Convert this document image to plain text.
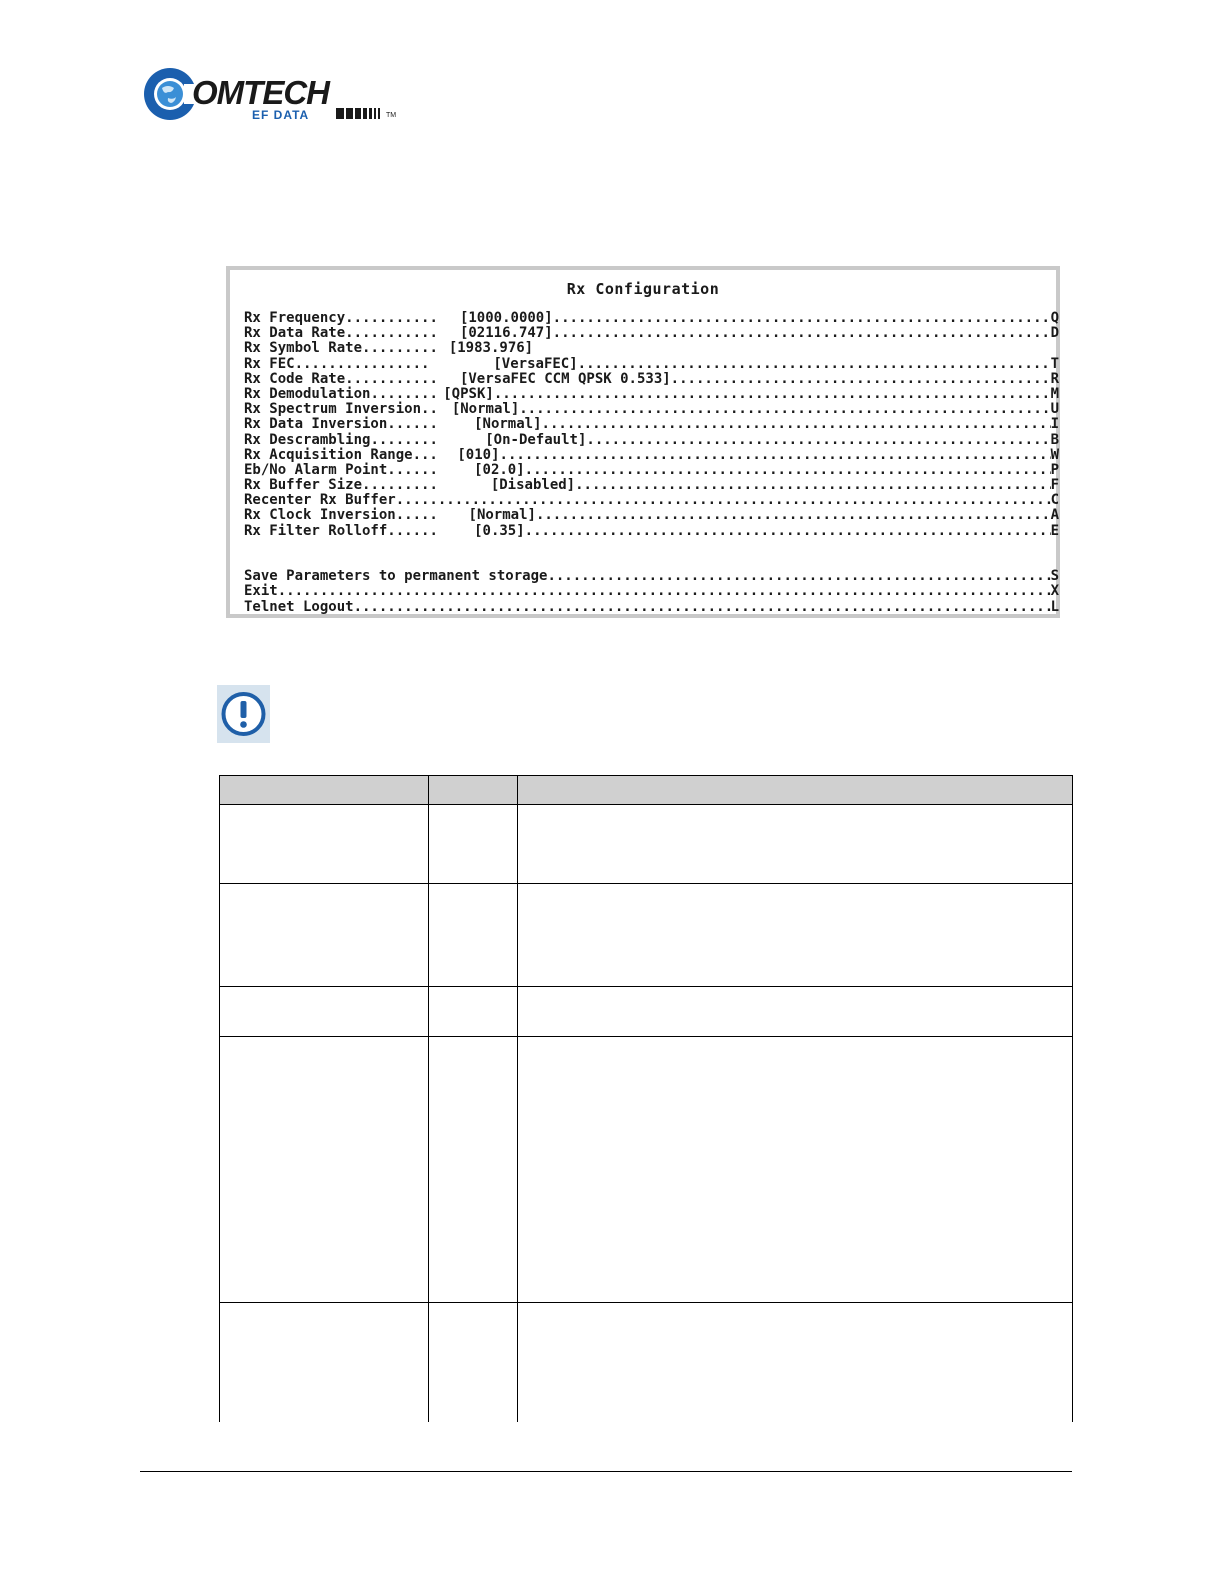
OMTECH
EF DATA	TM
Rx Configuration
Rx Frequency........... [1000.0000] .....	Q
Rx Data Rate........... [02116.747] .....	D
Rx Symbol Rate......... [1983.976]
Rx FEC................	[VersaFEC] .....	T
Rx Code Rate........... [VersaFEC CCM QPSK 0.533] .....	R
Rx Demodulation........ [QPSK] .....	M
Rx Spectrum Inversion.. [Normal] .....	U
Rx Data Inversion......	[Normal] .....	I
Rx Descrambling........	[On-Default] .....	B
Rx Acquisition Range... [010] .....	W
Eb/No Alarm Point......	[02.0] .....	P
Rx Buffer Size.........	[Disabled] .....	F
Recenter Rx Buffer .....	C
Rx Clock Inversion..... [Normal] .....	A
Rx Filter Rolloff......	[0.35] .....	E
Save Parameters to permanent storage .....	S
Exit .....	X
Telnet Logout .....	L
